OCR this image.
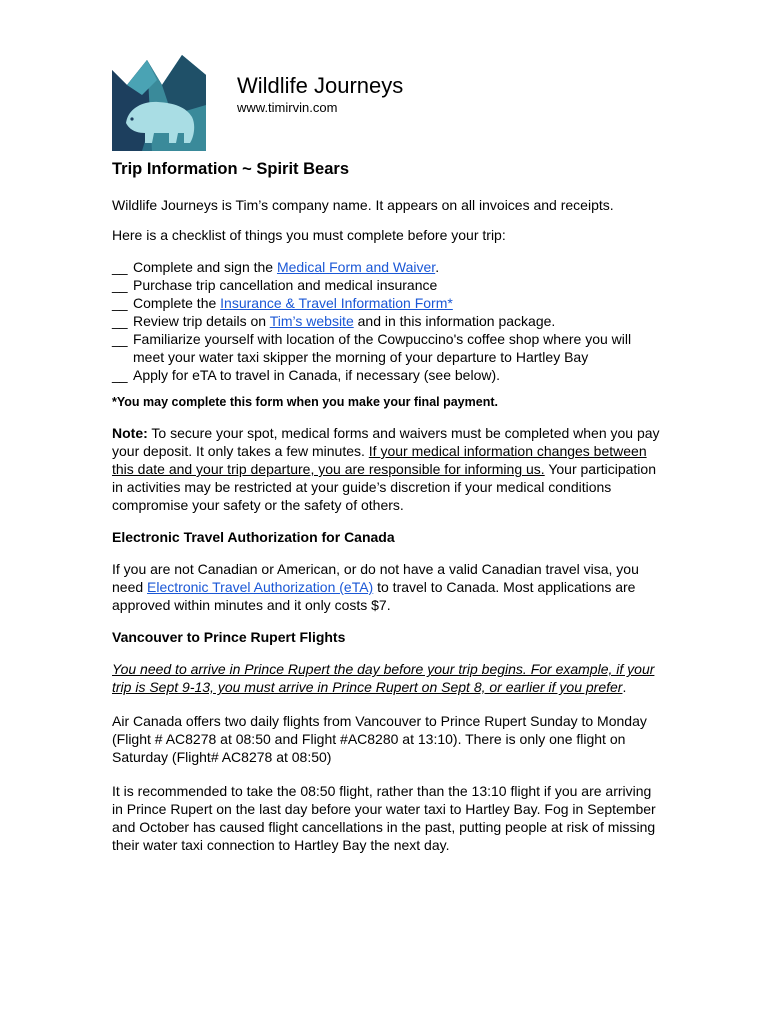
Wildlife Journeys
www.timirvin.com
Trip Information ~ Spirit Bears

Wildlife Journeys is Tim’s company name. It appears on all invoices and receipts.

Here is a checklist of things you must complete before your trip:

__ Complete and sign the Medical Form and Waiver.
__ Purchase trip cancellation and medical insurance
__ Complete the Insurance & Travel Information Form*
__ Review trip details on Tim’s website and in this information package.
__ Familiarize yourself with location of the Cowpuccino's coffee shop where you will meet your water taxi skipper the morning of your departure to Hartley Bay
__ Apply for eTA to travel in Canada, if necessary (see below).

*You may complete this form when you make your final payment.

Note: To secure your spot, medical forms and waivers must be completed when you pay your deposit. It only takes a few minutes. If your medical information changes between this date and your trip departure, you are responsible for informing us. Your participation in activities may be restricted at your guide’s discretion if your medical conditions compromise your safety or the safety of others.

Electronic Travel Authorization for Canada

If you are not Canadian or American, or do not have a valid Canadian travel visa, you need Electronic Travel Authorization (eTA) to travel to Canada. Most applications are approved within minutes and it only costs $7.

Vancouver to Prince Rupert Flights

You need to arrive in Prince Rupert the day before your trip begins. For example, if your trip is Sept 9-13, you must arrive in Prince Rupert on Sept 8, or earlier if you prefer.

Air Canada offers two daily flights from Vancouver to Prince Rupert Sunday to Monday (Flight # AC8278 at 08:50 and Flight #AC8280 at 13:10). There is only one flight on Saturday (Flight# AC8278 at 08:50)

It is recommended to take the 08:50 flight, rather than the 13:10 flight if you are arriving in Prince Rupert on the last day before your water taxi to Hartley Bay. Fog in September and October has caused flight cancellations in the past, putting people at risk of missing their water taxi connection to Hartley Bay the next day.
